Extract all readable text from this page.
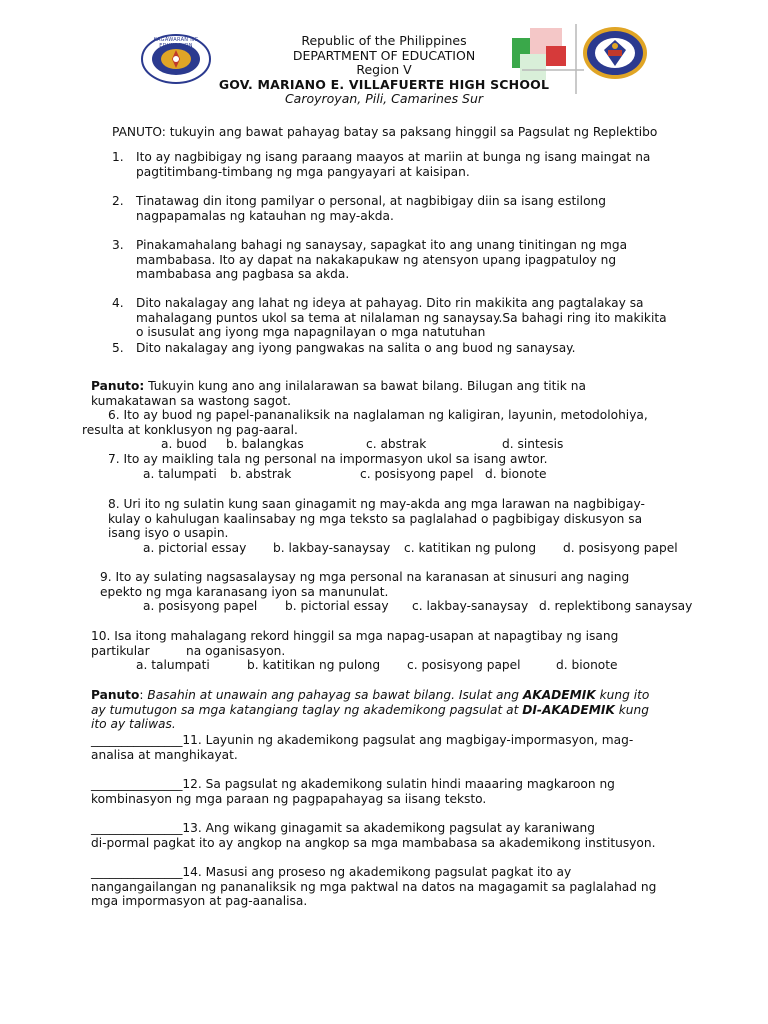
KAGAWARAN NG EDUKASYON	Republic of the Philippines
DEPARTMENT OF EDUCATION
Region V
GOV. MARIANO E. VILLAFUERTE HIGH SCHOOL
Caroyroyan, Pili, Camarines Sur
PANUTO: tukuyin ang bawat pahayag batay sa paksang hinggil sa Pagsulat ng Replektibo
1.	Ito ay nagbibigay ng isang paraang maayos at mariin at bunga ng isang maingat na
pagtitimbang-timbang ng mga pangyayari at kaisipan.
2.	Tinatawag din itong pamilyar o personal, at nagbibigay diin sa isang estilong
nagpapamalas ng katauhan ng may-akda.
3.	Pinakamahalang bahagi ng sanaysay, sapagkat ito ang unang tinitingan ng mga
mambabasa. Ito ay dapat na nakakapukaw ng atensyon upang ipagpatuloy ng
mambabasa ang pagbasa sa akda.
4.	Dito nakalagay ang lahat ng ideya at pahayag. Dito rin makikita ang pagtalakay sa
mahalagang puntos ukol sa tema at nilalaman ng sanaysay.Sa bahagi ring ito makikita
o isusulat ang iyong mga napagnilayan o mga natutuhan
5.	Dito nakalagay ang iyong pangwakas na salita o ang buod ng sanaysay.
Panuto: Tukuyin kung ano ang inilalarawan sa bawat bilang. Bilugan ang titik na
kumakatawan sa wastong sagot.
6. Ito ay buod ng papel-pananaliksik na naglalaman ng kaligiran, layunin, metodolohiya,
resulta at konklusyon ng pag-aaral.
a. buod b. balangkas	c. abstrak	d. sintesis
7. Ito ay maikling tala ng personal na impormasyon ukol sa isang awtor.
a. talumpati b. abstrak	c. posisyong papel d. bionote
8. Uri ito ng sulatin kung saan ginagamit ng may-akda ang mga larawan na nagbibigay-
kulay o kahulugan kaalinsabay ng mga teksto sa paglalahad o pagbibigay diskusyon sa
isang isyo o usapin.
a. pictorial essay b. lakbay-sanaysay c. katitikan ng pulong d. posisyong papel
9. Ito ay sulating nagsasalaysay ng mga personal na karanasan at sinusuri ang naging
epekto ng mga karanasang iyon sa manunulat.
a. posisyong papel b. pictorial essay c. lakbay-sanaysay d. replektibong sanaysay
10. Isa itong mahalagang rekord hinggil sa mga napag-usapan at napagtibay ng isang
partikular	na oganisasyon.
a. talumpati	b. katitikan ng pulong c. posisyong papel	d. bionote
Panuto: Basahin at unawain ang pahayag sa bawat bilang. Isulat ang AKADEMIK kung ito
ay tumutugon sa mga katangiang taglay ng akademikong pagsulat at DI-AKADEMIK kung
ito ay taliwas.
_______________11. Layunin ng akademikong pagsulat ang magbigay-impormasyon, mag-
analisa at manghikayat.
_______________12. Sa pagsulat ng akademikong sulatin hindi maaaring magkaroon ng
kombinasyon ng mga paraan ng pagpapahayag sa iisang teksto.
_______________13. Ang wikang ginagamit sa akademikong pagsulat ay karaniwang
di-pormal pagkat ito ay angkop na angkop sa mga mambabasa sa akademikong institusyon.
_______________14. Masusi ang proseso ng akademikong pagsulat pagkat ito ay
nangangailangan ng pananaliksik ng mga paktwal na datos na magagamit sa paglalahad ng
mga impormasyon at pag-aanalisa.
